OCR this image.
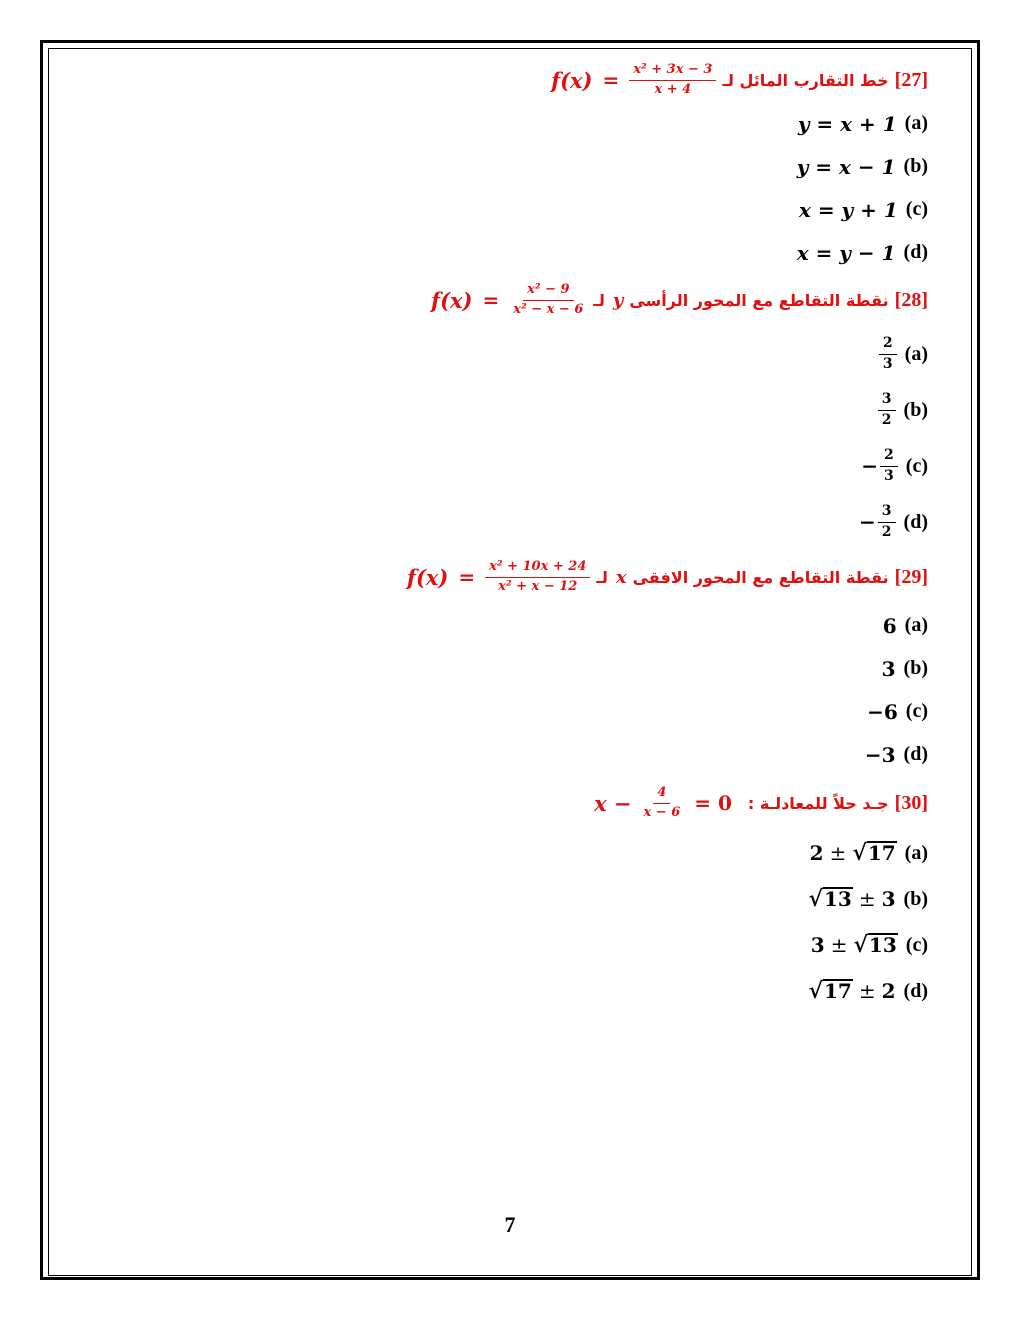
[27]
خط التقارب المائل لـ
$f(x) = \frac{\text{x² + 3x − 3}}{x + 4}$
(a)
y = x + 1
(b)
y = x − 1
(c)
x = y + 1
(d)
x = y − 1
[28]
نقطة التقاطع مع المحور الرأسى
y
لـ
$f(x) = \frac{\text{x² − 9}}{\text{x² − x − 6}}$
(a)
$\frac{2}{3}$
(b)
$\frac{3}{2}$
(c)
− $\frac{2}{3}$
(d)
− $\frac{3}{2}$
[29]
نقطة التقاطع مع المحور الافقى
x
لـ
$f(x) = \frac{\text{x² + 10x + 24}}{\text{x² + x − 12}}$
(a)
6
(b)
3
(c)
−6
(d)
−3
[30]
جـد حلاً للمعادلـة :
$x - \frac{4}{x - 6} = 0$
(a)
2 ± √ 17
(b)
√ 13 ± 3
(c)
3 ± √ 13
(d)
√ 17 ± 2
7
